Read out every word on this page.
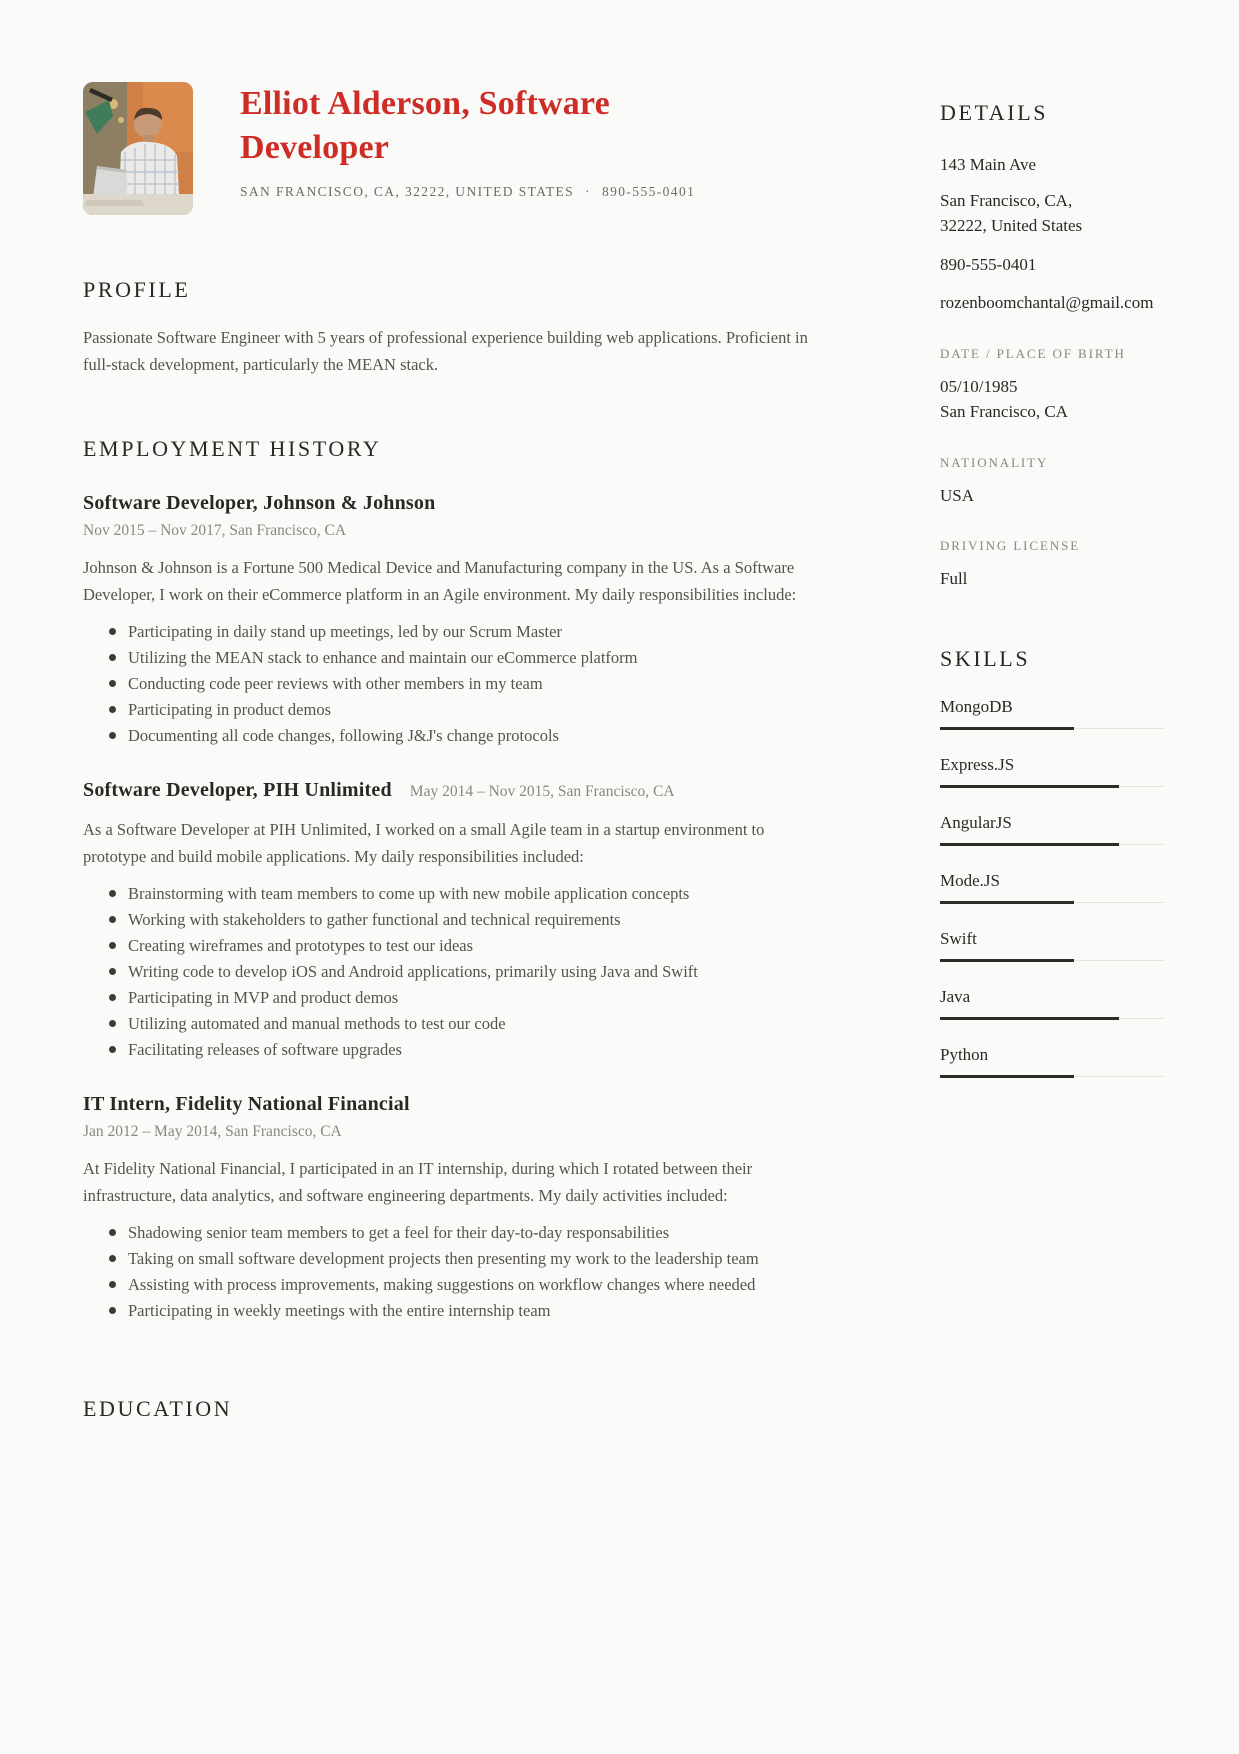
Elliot Alderson, Software Developer
SAN FRANCISCO, CA, 32222, UNITED STATES · 890-555-0401
PROFILE

Passionate Software Engineer with 5 years of professional experience building web applications. Proficient in full-stack development, particularly the MEAN stack.

EMPLOYMENT HISTORY
Software Developer, Johnson & Johnson
Nov 2015 – Nov 2017, San Francisco, CA

Johnson & Johnson is a Fortune 500 Medical Device and Manufacturing company in the US. As a Software Developer, I work on their eCommerce platform in an Agile environment. My daily responsibilities include:

Participating in daily stand up meetings, led by our Scrum Master
Utilizing the MEAN stack to enhance and maintain our eCommerce platform
Conducting code peer reviews with other members in my team
Participating in product demos
Documenting all code changes, following J&J's change protocols
Software Developer, PIH Unlimited May 2014 – Nov 2015, San Francisco, CA

As a Software Developer at PIH Unlimited, I worked on a small Agile team in a startup environment to prototype and build mobile applications. My daily responsibilities included:

Brainstorming with team members to come up with new mobile application concepts
Working with stakeholders to gather functional and technical requirements
Creating wireframes and prototypes to test our ideas
Writing code to develop iOS and Android applications, primarily using Java and Swift
Participating in MVP and product demos
Utilizing automated and manual methods to test our code
Facilitating releases of software upgrades
IT Intern, Fidelity National Financial
Jan 2012 – May 2014, San Francisco, CA

At Fidelity National Financial, I participated in an IT internship, during which I rotated between their infrastructure, data analytics, and software engineering departments. My daily activities included:

Shadowing senior team members to get a feel for their day-to-day responsabilities
Taking on small software development projects then presenting my work to the leadership team
Assisting with process improvements, making suggestions on workflow changes where needed
Participating in weekly meetings with the entire internship team
EDUCATION
DETAILS
143 Main Ave
San Francisco, CA,
32222, United States
890-555-0401
rozenboomchantal@gmail.com
DATE / PLACE OF BIRTH
05/10/1985
San Francisco, CA
NATIONALITY
USA
DRIVING LICENSE
Full
SKILLS
MongoDB
Express.JS
AngularJS
Mode.JS
Swift
Java
Python
